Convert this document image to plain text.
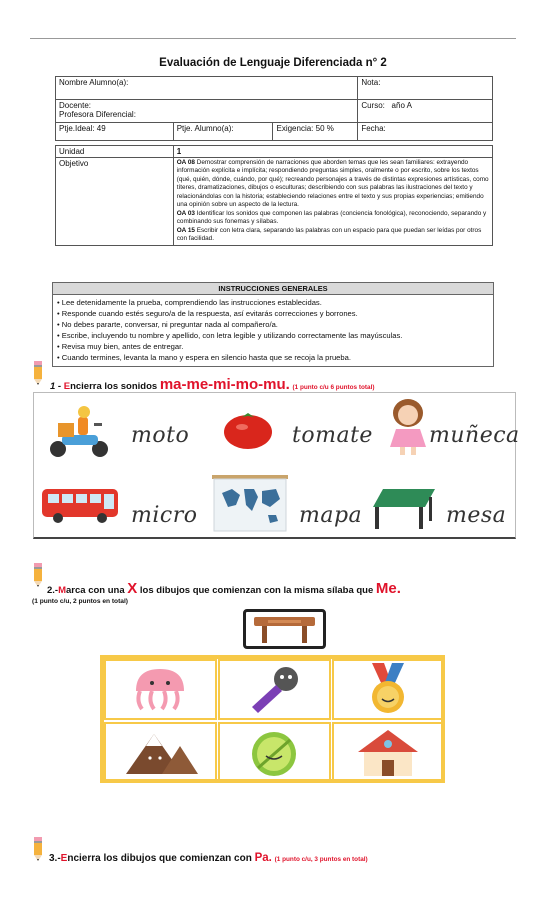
Evaluación de Lenguaje Diferenciada n° 2
Nombre Alumno(a):			Nota:

Docente:
Profesora Diferencial:			Curso: año A
Ptje.Ideal: 49	Ptje. Alumno(a):	Exigencia: 50 %	Fecha:

Unidad	1		
Objetivo	OA 08 Demostrar comprensión de narraciones que aborden temas que les sean familiares: extrayendo información explícita e implícita; respondiendo preguntas simples, oralmente o por escrito, sobre los textos (qué, quién, dónde, cuándo, por qué); recreando personajes a través de distintas expresiones artísticas, como títeres, dramatizaciones, dibujos o esculturas; describiendo con sus palabras las ilustraciones del texto y relacionándolas con la historia; estableciendo relaciones entre el texto y sus propias experiencias; emitiendo una opinión sobre un aspecto de la lectura.
OA 03 Identificar los sonidos que componen las palabras (conciencia fonológica), reconociendo, separando y combinando sus fonemas y sílabas.
OA 15 Escribir con letra clara, separando las palabras con un espacio para que puedan ser leídas por otros con facilidad.		
INSTRUCCIONES GENERALES
• Lee detenidamente la prueba, comprendiendo las instrucciones establecidas.
• Responde cuando estés seguro/a de la respuesta, así evitarás correcciones y borrones.
• No debes pararte, conversar, ni preguntar nada al compañero/a.
• Escribe, incluyendo tu nombre y apellido, con letra legible y utilizando correctamente las mayúsculas.
• Revisa muy bien, antes de entregar.
• Cuando termines, levanta la mano y espera en silencio hasta que se recoja la prueba.
1 - Encierra los sonidos ma-me-mi-mo-mu. (1 punto c/u 6 puntos total)
moto	tomate	muñeca
micro	mapa	mesa
2.-Marca con una X los dibujos que comienzan con la misma sílaba que Me.
(1 punto c/u, 2 puntos en total)
3.-Encierra los dibujos que comienzan con Pa. (1 punto c/u, 3 puntos en total)
